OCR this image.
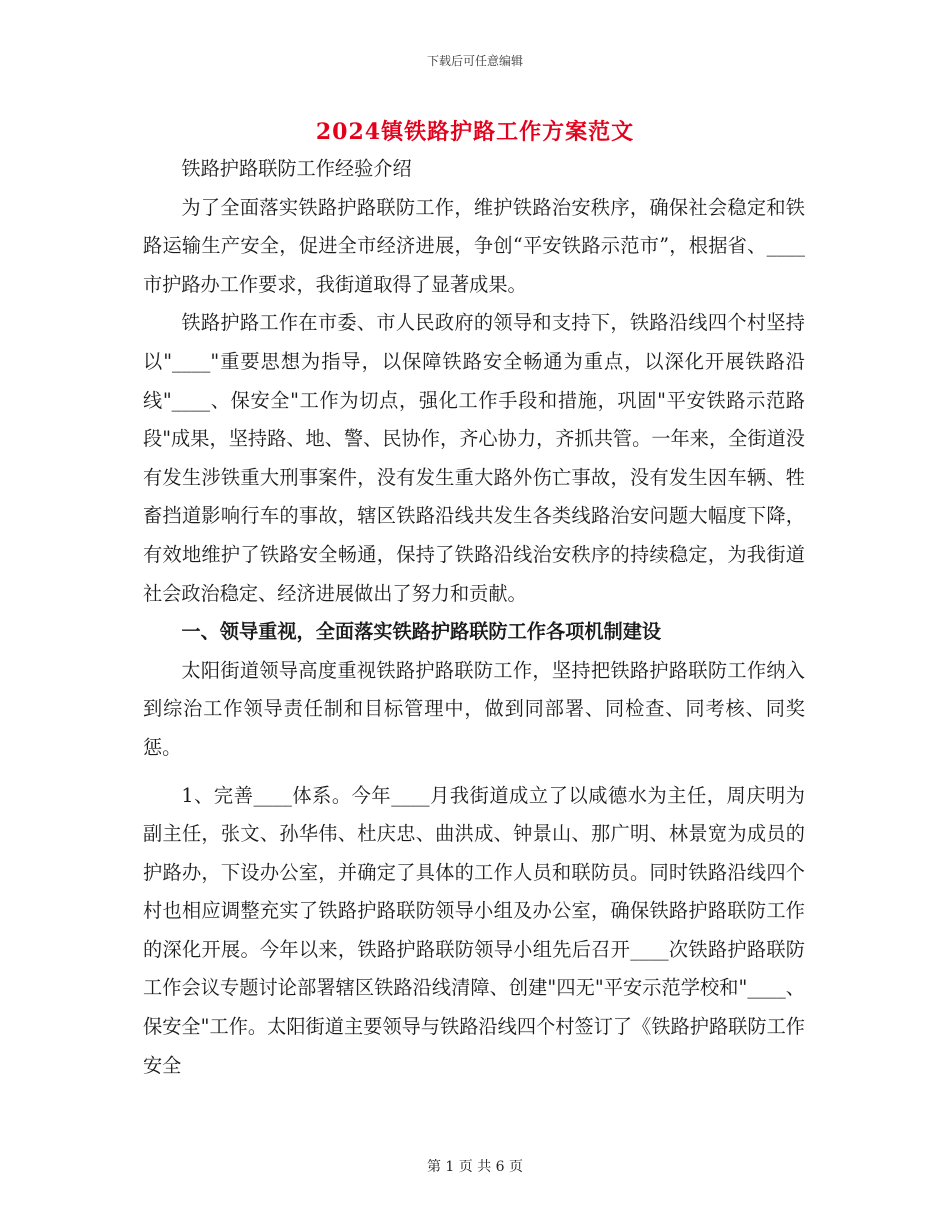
下载后可任意编辑
2024镇铁路护路工作方案范文

铁路护路联防工作经验介绍

为了全面落实铁路护路联防工作，维护铁路治安秩序，确保社会稳定和铁路运输生产安全，促进全市经济进展，争创“平安铁路示范市”，根据省、____市护路办工作要求，我街道取得了显著成果。

铁路护路工作在市委、市人民政府的领导和支持下，铁路沿线四个村坚持以"____"重要思想为指导，以保障铁路安全畅通为重点，以深化开展铁路沿线"____、保安全"工作为切点，强化工作手段和措施，巩固"平安铁路示范路段"成果，坚持路、地、警、民协作，齐心协力，齐抓共管。一年来，全街道没有发生涉铁重大刑事案件，没有发生重大路外伤亡事故，没有发生因车辆、牲畜挡道影响行车的事故，辖区铁路沿线共发生各类线路治安问题大幅度下降，有效地维护了铁路安全畅通，保持了铁路沿线治安秩序的持续稳定，为我街道社会政治稳定、经济进展做出了努力和贡献。

一、领导重视，全面落实铁路护路联防工作各项机制建设

太阳街道领导高度重视铁路护路联防工作，坚持把铁路护路联防工作纳入到综治工作领导责任制和目标管理中，做到同部署、同检查、同考核、同奖惩。

1、完善____体系。今年____月我街道成立了以咸德水为主任，周庆明为副主任，张文、孙华伟、杜庆忠、曲洪成、钟景山、那广明、林景宽为成员的护路办，下设办公室，并确定了具体的工作人员和联防员。同时铁路沿线四个村也相应调整充实了铁路护路联防领导小组及办公室，确保铁路护路联防工作的深化开展。今年以来，铁路护路联防领导小组先后召开____次铁路护路联防工作会议专题讨论部署辖区铁路沿线清障、创建"四无"平安示范学校和"____、保安全"工作。太阳街道主要领导与铁路沿线四个村签订了《铁路护路联防工作安全

第 1 页 共 6 页
